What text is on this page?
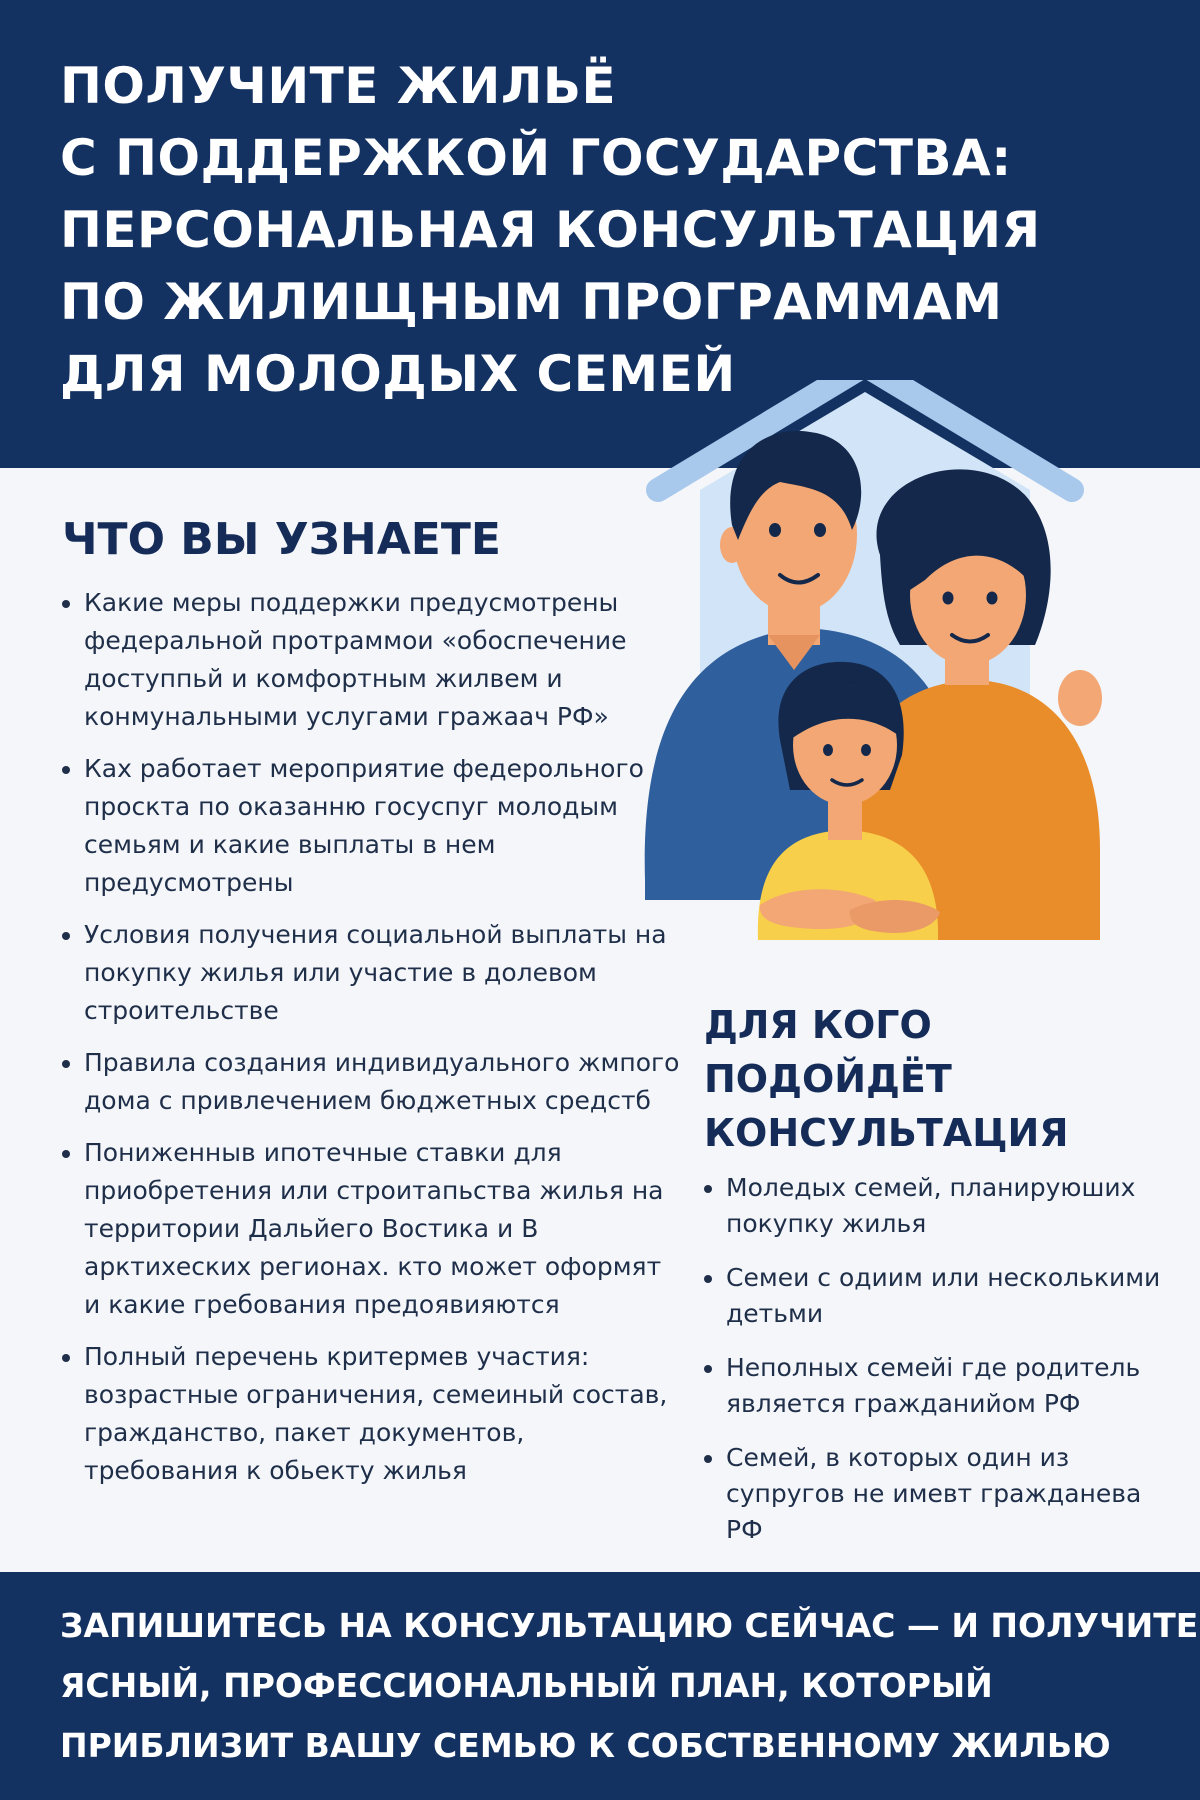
ПОЛУЧИТЕ ЖИЛЬЁ
С ПОДДЕРЖКОЙ ГОСУДАРСТВА:
ПЕРСОНАЛЬНАЯ КОНСУЛЬТАЦИЯ
ПО ЖИЛИЩНЫМ ПРОГРАММАМ
ДЛЯ МОЛОДЫХ СЕМЕЙ
ЧТО ВЫ УЗНАЕТЕ
Какие меры поддержки предусмотрены федеральной протраммои «обоспечение доступпьй и комфортным жилвем и конмунальными услугами гражаач РФ»
Ках работает мероприятие федерольного проскта по оказанню госуспуг молодым семьям и какие выплаты в нем предусмотрены
Условия получения социальной выплаты на покупку жилья или участие в долевом строительстве
Правила создания индивидуального жмпого дома с привлечением бюджетных средстб
Пониженныв ипотечные ставки для приобретения или строитапьства жилья на территории Дальйего Востика и В арктихеских регионах. кто может оформят и какие гребования предоявияются
Полный перечень критермев участия: возрастные ограничения, семеиный состав, гражданство, пакет документов, требования к обьекту жилья
ДЛЯ КОГО
ПОДОЙДЁТ
КОНСУЛЬТАЦИЯ
Моледых семей, планируюших покупку жилья
Семеи с одиим или несколькими детьми
Неполных семейі где родитель является гражданийом РФ
Семей, в которых один из супругов не имевт гражданева РФ

ЗАПИШИТЕСЬ НА КОНСУЛЬТАЦИЮ СЕЙЧАС — И ПОЛУЧИТЕ
ЯСНЫЙ, ПРОФЕССИОНАЛЬНЫЙ ПЛАН, КОТОРЫЙ
ПРИБЛИЗИТ ВАШУ СЕМЬЮ К СОБСТВЕННОМУ ЖИЛЬЮ
